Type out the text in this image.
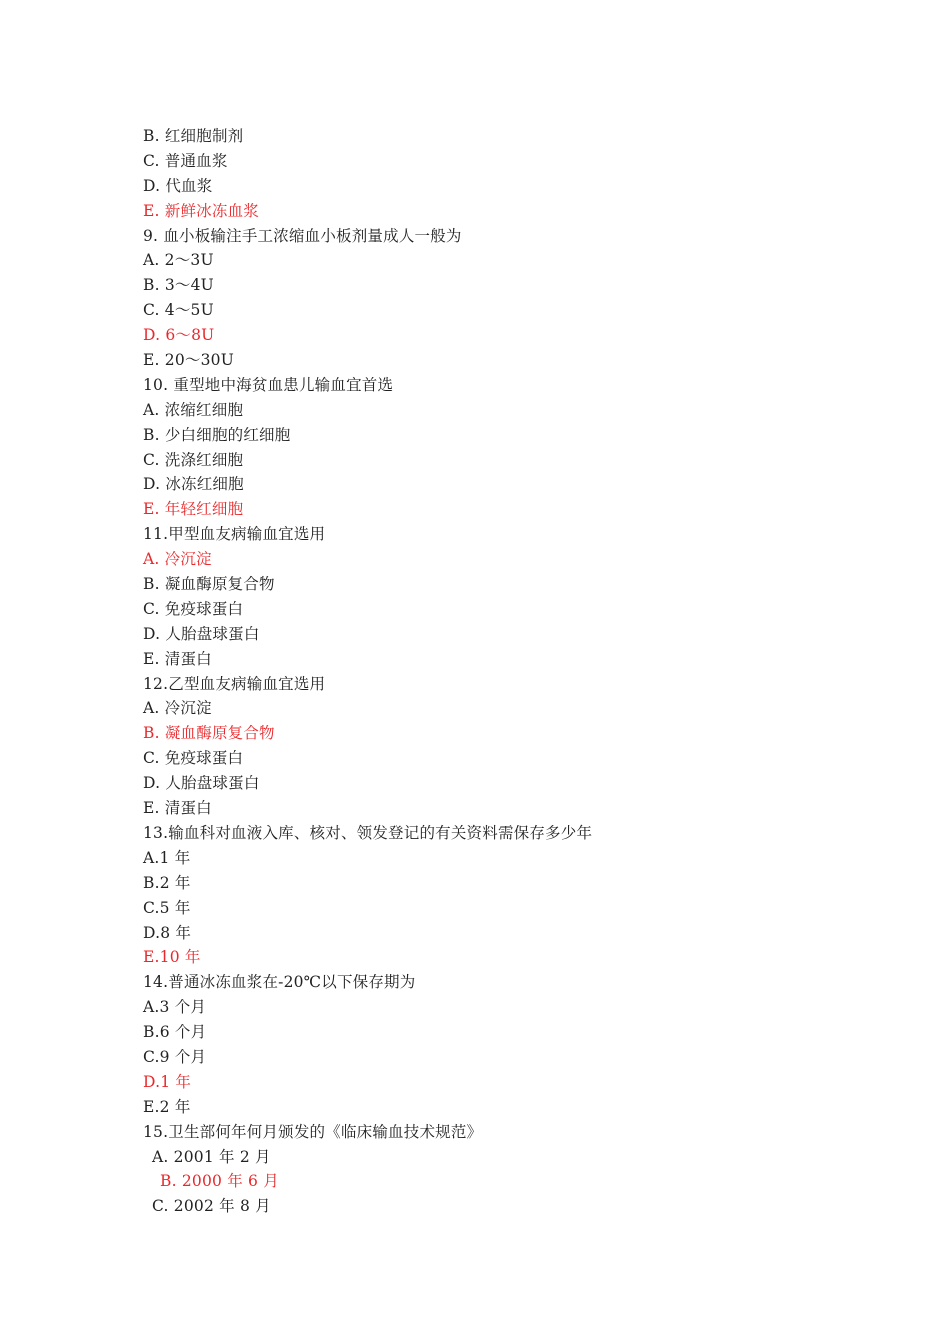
B. 红细胞制剂
C. 普通血浆
D. 代血浆
E. 新鲜冰冻血浆
9. 血小板输注手工浓缩血小板剂量成人一般为
A. 2～3U
B. 3～4U
C. 4～5U
D. 6～8U
E. 20～30U
10. 重型地中海贫血患儿输血宜首选
A. 浓缩红细胞
B. 少白细胞的红细胞
C. 洗涤红细胞
D. 冰冻红细胞
E. 年轻红细胞
11.甲型血友病输血宜选用
A. 冷沉淀
B. 凝血酶原复合物
C. 免疫球蛋白
D. 人胎盘球蛋白
E. 清蛋白
12.乙型血友病输血宜选用
A. 冷沉淀
B. 凝血酶原复合物
C. 免疫球蛋白
D. 人胎盘球蛋白
E. 清蛋白
13.输血科对血液入库、核对、领发登记的有关资料需保存多少年
A.1 年
B.2 年
C.5 年
D.8 年
E.10 年
14.普通冰冻血浆在-20℃以下保存期为
A.3 个月
B.6 个月
C.9 个月
D.1 年
E.2 年
15.卫生部何年何月颁发的《临床输血技术规范》
A. 2001 年 2 月
B. 2000 年 6 月
C. 2002 年 8 月
